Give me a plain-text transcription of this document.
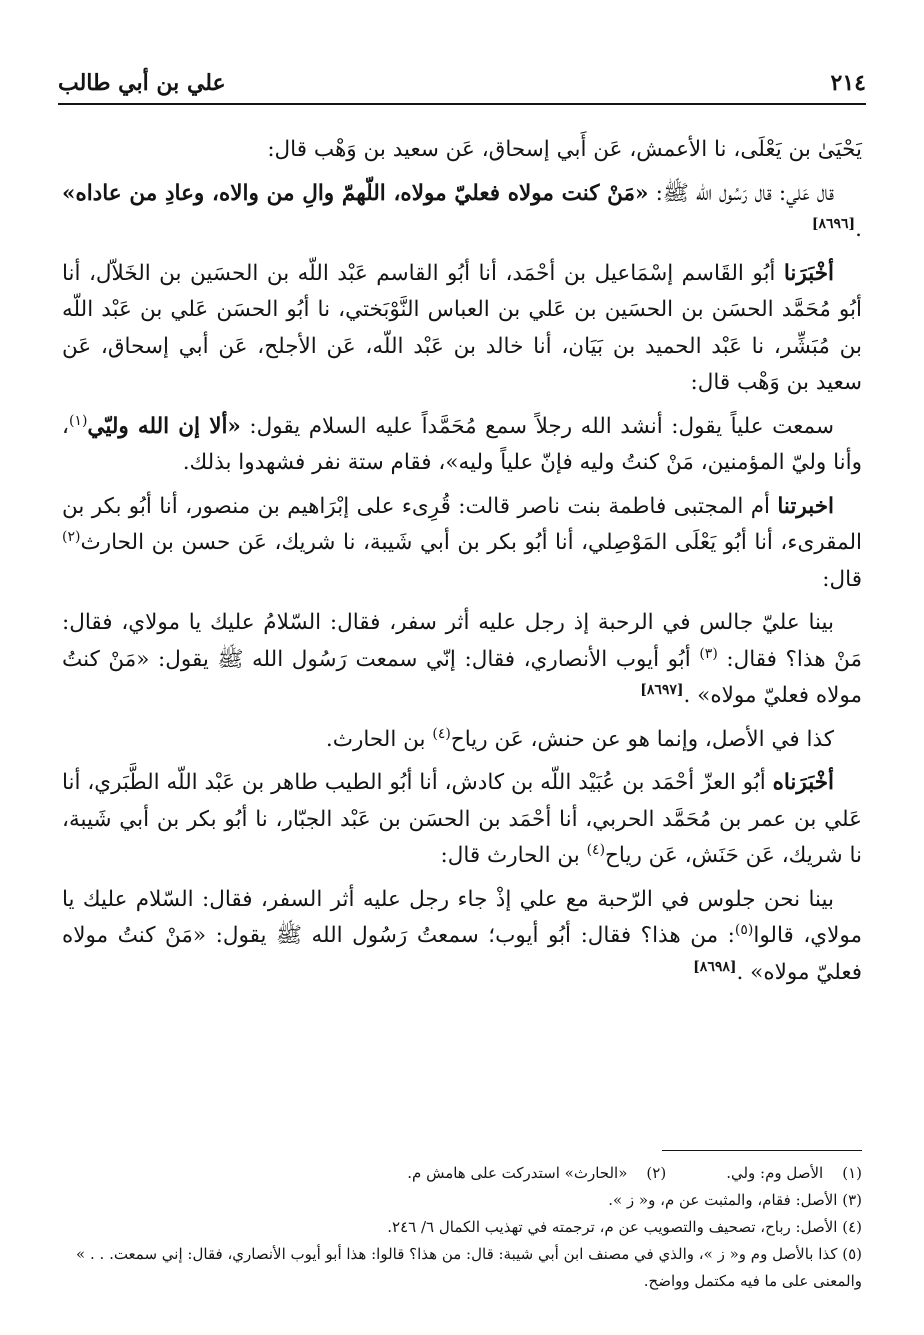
٢١٤
علي بن أبي طالب

يَحْيَىٰ بن يَعْلَى، نا الأعمش، عَن أَبي إسحاق، عَن سعيد بن وَهْب قال:

قال عَلي: قال رَسُول الله ﷺ: «مَنْ كنت مولاه فعليّ مولاه، اللّهمّ والِ من والاه، وعادِ من عاداه» .[٨٦٩٦]

أخْبَرَنا أبُو القَاسم إسْمَاعيل بن أحْمَد، أنا أبُو القاسم عَبْد اللّه بن الحسَين بن الخَلاّل، أنا أبُو مُحَمَّد الحسَن بن الحسَين بن عَلي بن العباس النَّوْبَختي، نا أبُو الحسَن عَلي بن عَبْد اللّه بن مُبَشِّر، نا عَبْد الحميد بن بَيَان، أنا خالد بن عَبْد اللّه، عَن الأجلح، عَن أبي إسحاق، عَن سعيد بن وَهْب قال:

سمعت علياً يقول: أنشد الله رجلاً سمع مُحَمَّداً عليه السلام يقول: «ألا إن الله وليّي$^{(١)}$، وأنا وليّ المؤمنين، مَنْ كنتُ وليه فإنّ علياً وليه»، فقام ستة نفر فشهدوا بذلك.

اخبرتنا أم المجتبى فاطمة بنت ناصر قالت: قُرِىء على إبْرَاهيم بن منصور، أنا أبُو بكر بن المقرىء، أنا أبُو يَعْلَى المَوْصِلي، أنا أبُو بكر بن أبي شَيبة، نا شريك، عَن حسن بن الحارث$^{(٢)}$ قال:

بينا عليّ جالس في الرحبة إذ رجل عليه أثر سفر، فقال: السّلامُ عليك يا مولاي، فقال: مَنْ هذا؟ فقال: $^{(٣)}$ أبُو أيوب الأنصاري، فقال: إنّي سمعت رَسُول الله ﷺ يقول: «مَنْ كنتُ مولاه فعليّ مولاه» .[٨٦٩٧]

كذا في الأصل، وإنما هو عن حنش، عَن رياح$^{(٤)}$ بن الحارث.

أخْبَرَناه أبُو العزّ أحْمَد بن عُبَيْد اللّه بن كادش، أنا أبُو الطيب طاهر بن عَبْد اللّه الطَّبَري، أنا عَلي بن عمر بن مُحَمَّد الحربي، أنا أحْمَد بن الحسَن بن عَبْد الجبّار، نا أبُو بكر بن أبي شَيبة، نا شريك، عَن حَنَش، عَن رياح$^{(٤)}$ بن الحارث قال:

بينا نحن جلوس في الرّحبة مع علي إذْ جاء رجل عليه أثر السفر، فقال: السّلام عليك يا مولاي، قالوا$^{(٥)}$: من هذا؟ فقال: أبُو أيوب؛ سمعتُ رَسُول الله ﷺ يقول: «مَنْ كنتُ مولاه فعليّ مولاه» .[٨٦٩٨]

(١) الأصل وم: ولي.
(٢) «الحارث» استدركت على هامش م.
(٣) الأصل: فقام، والمثبت عن م، و« ز ».
(٤) الأصل: رباح، تصحيف والتصويب عن م، ترجمته في تهذيب الكمال ٦/ ٢٤٦.
(٥) كذا بالأصل وم و« ز »، والذي في مصنف ابن أبي شيبة: قال: من هذا؟ قالوا: هذا أبو أيوب الأنصاري، فقال: إني سمعت. . . » والمعنى على ما فيه مكتمل وواضح.
